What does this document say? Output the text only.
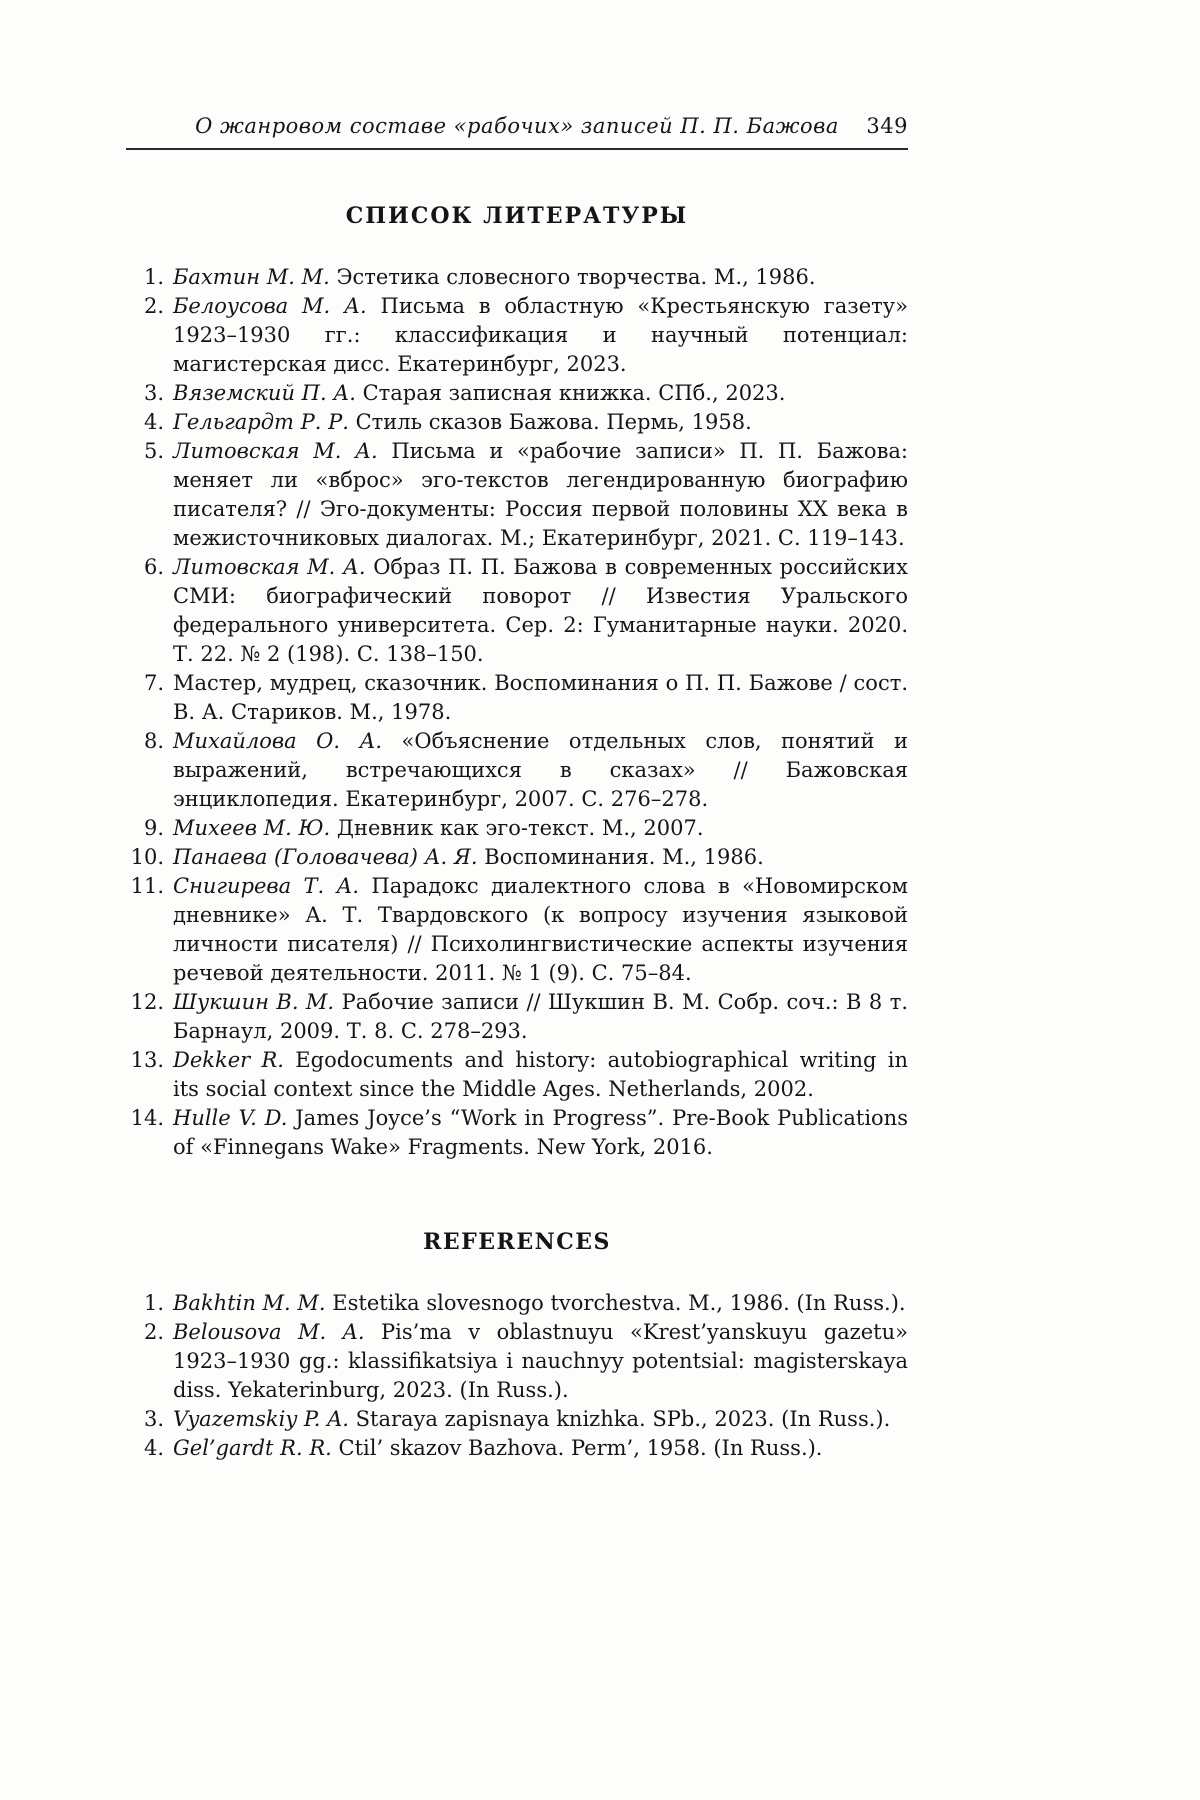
О жанровом составе «рабочих» записей П. П. Бажова 349
СПИСОК ЛИТЕРАТУРЫ
1. Бахтин М. М. Эстетика словесного творчества. М., 1986.
2. Белоусова М. А. Письма в областную «Крестьянскую газету» 1923–1930 гг.: классификация и научный потенциал: магистерская дисс. Екатеринбург, 2023.
3. Вяземский П. А. Старая записная книжка. СПб., 2023.
4. Гельгардт Р. Р. Стиль сказов Бажова. Пермь, 1958.
5. Литовская М. А. Письма и «рабочие записи» П. П. Бажова: меняет ли «вброс» эго-текстов легендированную биографию писателя? // Эго-документы: Россия первой половины XX века в межисточниковых диалогах. М.; Екатеринбург, 2021. С. 119–143.
6. Литовская М. А. Образ П. П. Бажова в современных российских СМИ: биографический поворот // Известия Уральского федерального университета. Сер. 2: Гуманитарные науки. 2020. Т. 22. № 2 (198). С. 138–150.
7. Мастер, мудрец, сказочник. Воспоминания о П. П. Бажове / сост. В. А. Стариков. М., 1978.
8. Михайлова О. А. «Объяснение отдельных слов, понятий и выражений, встречающихся в сказах» // Бажовская энциклопедия. Екатеринбург, 2007. С. 276–278.
9. Михеев М. Ю. Дневник как эго-текст. М., 2007.
10. Панаева (Головачева) А. Я. Воспоминания. М., 1986.
11. Снигирева Т. А. Парадокс диалектного слова в «Новомирском дневнике» А. Т. Твардовского (к вопросу изучения языковой личности писателя) // Психолингвистические аспекты изучения речевой деятельности. 2011. № 1 (9). С. 75–84.
12. Шукшин В. М. Рабочие записи // Шукшин В. М. Собр. соч.: В 8 т. Барнаул, 2009. Т. 8. С. 278–293.
13. Dekker R. Egodocuments and history: autobiographical writing in its social context since the Middle Ages. Netherlands, 2002.
14. Hulle V. D. James Joyce’s “Work in Progress”. Pre-Book Publications of «Finnegans Wake» Fragments. New York, 2016.
REFERENCES
1. Bakhtin M. M. Estetika slovesnogo tvorchestva. M., 1986. (In Russ.).
2. Belousova M. A. Pis’ma v oblastnuyu «Krest’yanskuyu gazetu» 1923–1930 gg.: klassifikatsiya i nauchnyy potentsial: magisterskaya diss. Yekaterinburg, 2023. (In Russ.).
3. Vyazemskiy P. A. Staraya zapisnaya knizhka. SPb., 2023. (In Russ.).
4. Gel’gardt R. R. Ctil’ skazov Bazhova. Perm’, 1958. (In Russ.).
